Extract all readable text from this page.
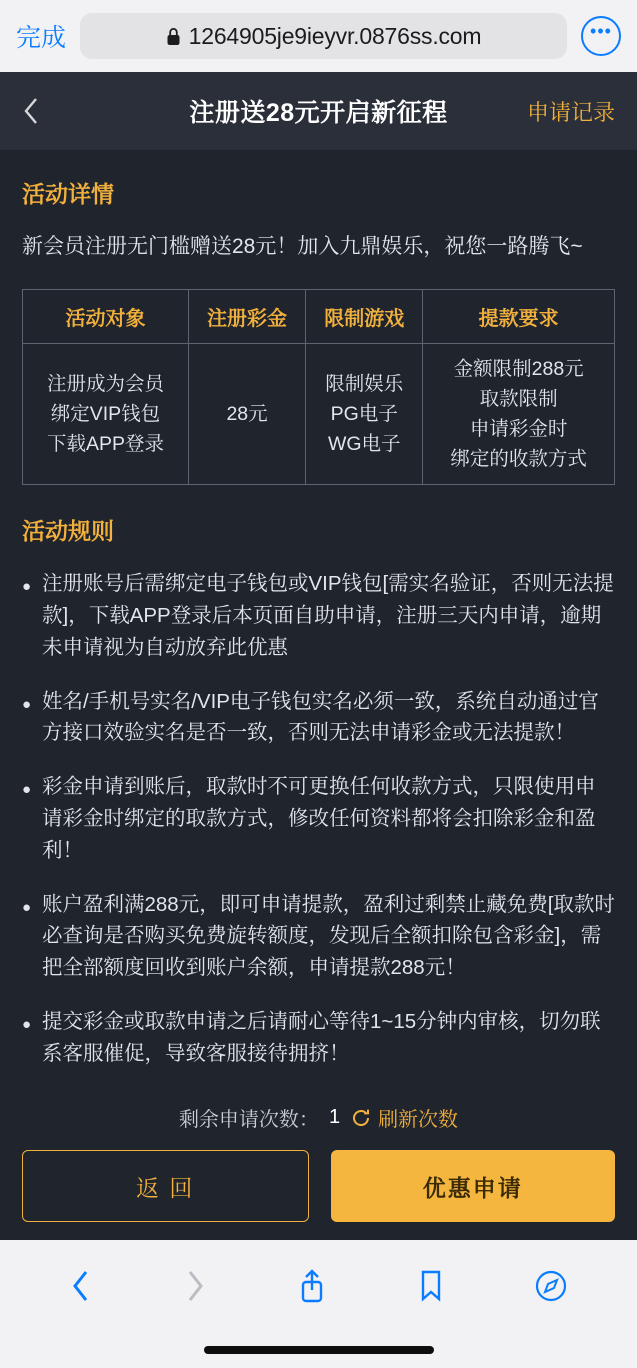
完成	1264905je9ieyvr.0876ss.com	•••
注册送28元开启新征程	申请记录
活动详情
新会员注册无门槛赠送28元！加入九鼎娱乐，祝您一路腾飞~
活动对象	注册彩金	限制游戏	提款要求

注册成为会员
绑定VIP钱包
下载APP登录

28元

限制娱乐
PG电子
WG电子

金额限制288元
取款限制
申请彩金时
绑定的收款方式
活动规则
● 注册账号后需绑定电子钱包或VIP钱包[需实名验证，否则无法提款]，下载APP登录后本页面自助申请，注册三天内申请，逾期未申请视为自动放弃此优惠
● 姓名/手机号实名/VIP电子钱包实名必须一致，系统自动通过官方接口效验实名是否一致，否则无法申请彩金或无法提款！
● 彩金申请到账后，取款时不可更换任何收款方式，只限使用申请彩金时绑定的取款方式，修改任何资料都将会扣除彩金和盈利！
● 账户盈利满288元，即可申请提款，盈利过剩禁止藏免费[取款时必查询是否购买免费旋转额度，发现后全额扣除包含彩金]，需把全部额度回收到账户余额，申请提款288元！
● 提交彩金或取款申请之后请耐心等待1~15分钟内审核，切勿联系客服催促，导致客服接待拥挤！
剩余申请次数： 1 刷新次数
返 回	优惠申请
